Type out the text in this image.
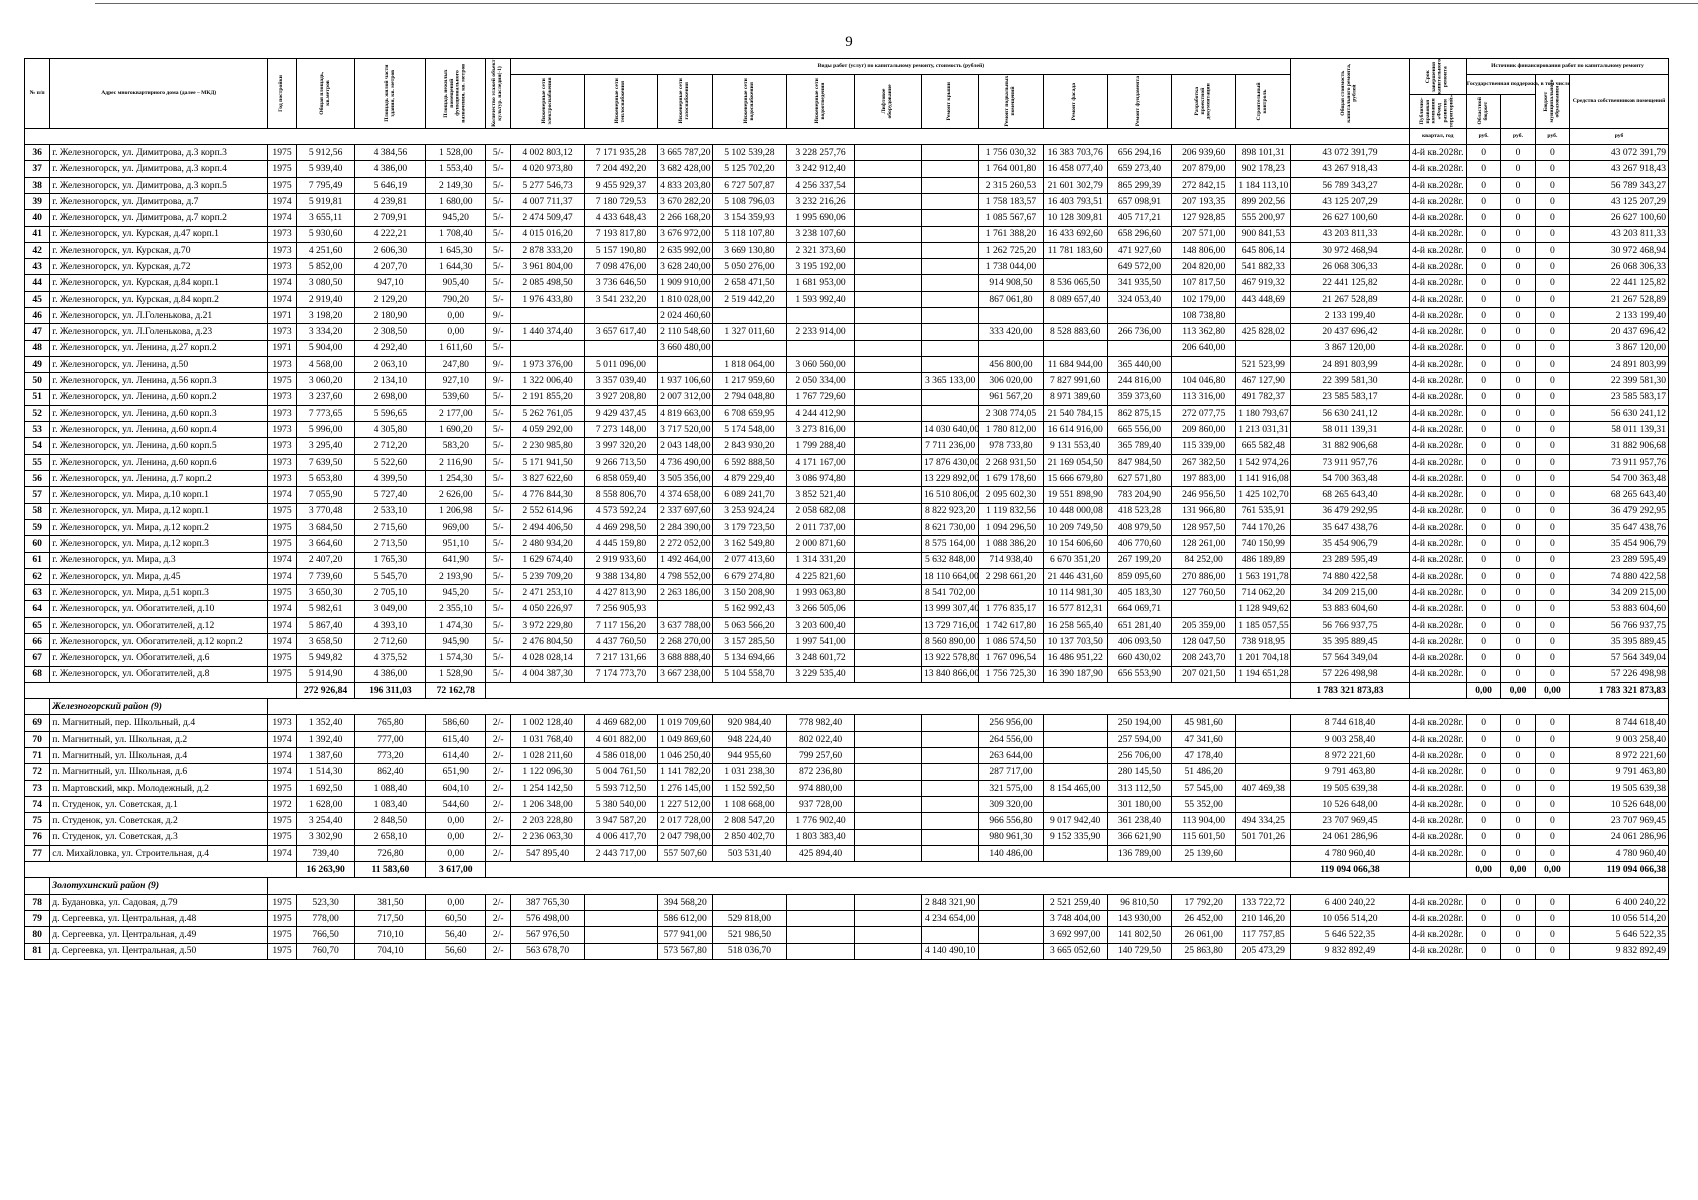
9
№ п/п	Адрес многоквартирного дома (далее – МКД)	Год постройки	Общая площадь, кв.метров	Площадь жилой части здания, кв. метров	Площадь нежилых помещений функционального назначения, кв. метров	Количество этажей объект культур. наследия(-1)	Виды работ (услуг) по капитальному ремонту, стоимость (рублей)												Общая стоимость капитального ремонта, рублей	Срок завершения капитального ремонта	Источник финансирования работ по капитальному ремонту			

							Инженерные сети электроснабжения	Инженерные сети теплоснабжения	Инженерные сети газоснабжения	Инженерные сети водоснабжения	Инженерные сети водоотведения	Лифтовое оборудование	Ремонт крыши	Ремонт подвальных помещений	Ремонт фасада	Ремонт фундамента	Разработка проектной документации	Строительный контроль			Государственная поддержка, в том числе		Бюджет муниципального образования	Средства собственников помещений

																				Публично-правовая компания «Фонд развития территорий»	Областной бюджет			

																				квартал, год	руб.	руб.	руб.	руб
36	г. Железногорск, ул. Димитрова, д.3 корп.3	1975	5 912,56	4 384,56	1 528,00	5/-	4 002 803,12	7 171 935,28	3 665 787,20	5 102 539,28	3 228 257,76			1 756 030,32	16 383 703,76	656 294,16	206 939,60	898 101,31	43 072 391,79	4-й кв.2028г.	0	0	0	43 072 391,79
37	г. Железногорск, ул. Димитрова, д.3 корп.4	1975	5 939,40	4 386,00	1 553,40	5/-	4 020 973,80	7 204 492,20	3 682 428,00	5 125 702,20	3 242 912,40			1 764 001,80	16 458 077,40	659 273,40	207 879,00	902 178,23	43 267 918,43	4-й кв.2028г.	0	0	0	43 267 918,43
38	г. Железногорск, ул. Димитрова, д.3 корп.5	1975	7 795,49	5 646,19	2 149,30	5/-	5 277 546,73	9 455 929,37	4 833 203,80	6 727 507,87	4 256 337,54			2 315 260,53	21 601 302,79	865 299,39	272 842,15	1 184 113,10	56 789 343,27	4-й кв.2028г.	0	0	0	56 789 343,27
39	г. Железногорск, ул. Димитрова, д.7	1974	5 919,81	4 239,81	1 680,00	5/-	4 007 711,37	7 180 729,53	3 670 282,20	5 108 796,03	3 232 216,26			1 758 183,57	16 403 793,51	657 098,91	207 193,35	899 202,56	43 125 207,29	4-й кв.2028г.	0	0	0	43 125 207,29
40	г. Железногорск, ул. Димитрова, д.7 корп.2	1974	3 655,11	2 709,91	945,20	5/-	2 474 509,47	4 433 648,43	2 266 168,20	3 154 359,93	1 995 690,06			1 085 567,67	10 128 309,81	405 717,21	127 928,85	555 200,97	26 627 100,60	4-й кв.2028г.	0	0	0	26 627 100,60
41	г. Железногорск, ул. Курская, д.47 корп.1	1973	5 930,60	4 222,21	1 708,40	5/-	4 015 016,20	7 193 817,80	3 676 972,00	5 118 107,80	3 238 107,60			1 761 388,20	16 433 692,60	658 296,60	207 571,00	900 841,53	43 203 811,33	4-й кв.2028г.	0	0	0	43 203 811,33
42	г. Железногорск, ул. Курская, д.70	1973	4 251,60	2 606,30	1 645,30	5/-	2 878 333,20	5 157 190,80	2 635 992,00	3 669 130,80	2 321 373,60			1 262 725,20	11 781 183,60	471 927,60	148 806,00	645 806,14	30 972 468,94	4-й кв.2028г.	0	0	0	30 972 468,94
43	г. Железногорск, ул. Курская, д.72	1973	5 852,00	4 207,70	1 644,30	5/-	3 961 804,00	7 098 476,00	3 628 240,00	5 050 276,00	3 195 192,00			1 738 044,00		649 572,00	204 820,00	541 882,33	26 068 306,33	4-й кв.2028г.	0	0	0	26 068 306,33
44	г. Железногорск, ул. Курская, д.84 корп.1	1974	3 080,50	947,10	905,40	5/-	2 085 498,50	3 736 646,50	1 909 910,00	2 658 471,50	1 681 953,00			914 908,50	8 536 065,50	341 935,50	107 817,50	467 919,32	22 441 125,82	4-й кв.2028г.	0	0	0	22 441 125,82
45	г. Железногорск, ул. Курская, д.84 корп.2	1974	2 919,40	2 129,20	790,20	5/-	1 976 433,80	3 541 232,20	1 810 028,00	2 519 442,20	1 593 992,40			867 061,80	8 089 657,40	324 053,40	102 179,00	443 448,69	21 267 528,89	4-й кв.2028г.	0	0	0	21 267 528,89
46	г. Железногорск, ул. Л.Голенькова, д.21	1971	3 198,20	2 180,90	0,00	9/-			2 024 460,60								108 738,80		2 133 199,40	4-й кв.2028г.	0	0	0	2 133 199,40
47	г. Железногорск, ул. Л.Голенькова, д.23	1973	3 334,20	2 308,50	0,00	9/-	1 440 374,40	3 657 617,40	2 110 548,60	1 327 011,60	2 233 914,00			333 420,00	8 528 883,60	266 736,00	113 362,80	425 828,02	20 437 696,42	4-й кв.2028г.	0	0	0	20 437 696,42
48	г. Железногорск, ул. Ленина, д.27 корп.2	1971	5 904,00	4 292,40	1 611,60	5/-			3 660 480,00								206 640,00		3 867 120,00	4-й кв.2028г.	0	0	0	3 867 120,00
49	г. Железногорск, ул. Ленина, д.50	1973	4 568,00	2 063,10	247,80	9/-	1 973 376,00	5 011 096,00		1 818 064,00	3 060 560,00			456 800,00	11 684 944,00	365 440,00		521 523,99	24 891 803,99	4-й кв.2028г.	0	0	0	24 891 803,99
50	г. Железногорск, ул. Ленина, д.56 корп.3	1975	3 060,20	2 134,10	927,10	9/-	1 322 006,40	3 357 039,40	1 937 106,60	1 217 959,60	2 050 334,00		3 365 133,00	306 020,00	7 827 991,60	244 816,00	104 046,80	467 127,90	22 399 581,30	4-й кв.2028г.	0	0	0	22 399 581,30
51	г. Железногорск, ул. Ленина, д.60 корп.2	1973	3 237,60	2 698,00	539,60	5/-	2 191 855,20	3 927 208,80	2 007 312,00	2 794 048,80	1 767 729,60			961 567,20	8 971 389,60	359 373,60	113 316,00	491 782,37	23 585 583,17	4-й кв.2028г.	0	0	0	23 585 583,17
52	г. Железногорск, ул. Ленина, д.60 корп.3	1973	7 773,65	5 596,65	2 177,00	5/-	5 262 761,05	9 429 437,45	4 819 663,00	6 708 659,95	4 244 412,90			2 308 774,05	21 540 784,15	862 875,15	272 077,75	1 180 793,67	56 630 241,12	4-й кв.2028г.	0	0	0	56 630 241,12
53	г. Железногорск, ул. Ленина, д.60 корп.4	1973	5 996,00	4 305,80	1 690,20	5/-	4 059 292,00	7 273 148,00	3 717 520,00	5 174 548,00	3 273 816,00		14 030 640,00	1 780 812,00	16 614 916,00	665 556,00	209 860,00	1 213 031,31	58 011 139,31	4-й кв.2028г.	0	0	0	58 011 139,31
54	г. Железногорск, ул. Ленина, д.60 корп.5	1973	3 295,40	2 712,20	583,20	5/-	2 230 985,80	3 997 320,20	2 043 148,00	2 843 930,20	1 799 288,40		7 711 236,00	978 733,80	9 131 553,40	365 789,40	115 339,00	665 582,48	31 882 906,68	4-й кв.2028г.	0	0	0	31 882 906,68
55	г. Железногорск, ул. Ленина, д.60 корп.6	1973	7 639,50	5 522,60	2 116,90	5/-	5 171 941,50	9 266 713,50	4 736 490,00	6 592 888,50	4 171 167,00		17 876 430,00	2 268 931,50	21 169 054,50	847 984,50	267 382,50	1 542 974,26	73 911 957,76	4-й кв.2028г.	0	0	0	73 911 957,76
56	г. Железногорск, ул. Ленина, д.7 корп.2	1973	5 653,80	4 399,50	1 254,30	5/-	3 827 622,60	6 858 059,40	3 505 356,00	4 879 229,40	3 086 974,80		13 229 892,00	1 679 178,60	15 666 679,80	627 571,80	197 883,00	1 141 916,08	54 700 363,48	4-й кв.2028г.	0	0	0	54 700 363,48
57	г. Железногорск, ул. Мира, д.10 корп.1	1974	7 055,90	5 727,40	2 626,00	5/-	4 776 844,30	8 558 806,70	4 374 658,00	6 089 241,70	3 852 521,40		16 510 806,00	2 095 602,30	19 551 898,90	783 204,90	246 956,50	1 425 102,70	68 265 643,40	4-й кв.2028г.	0	0	0	68 265 643,40
58	г. Железногорск, ул. Мира, д.12 корп.1	1975	3 770,48	2 533,10	1 206,98	5/-	2 552 614,96	4 573 592,24	2 337 697,60	3 253 924,24	2 058 682,08		8 822 923,20	1 119 832,56	10 448 000,08	418 523,28	131 966,80	761 535,91	36 479 292,95	4-й кв.2028г.	0	0	0	36 479 292,95
59	г. Железногорск, ул. Мира, д.12 корп.2	1975	3 684,50	2 715,60	969,00	5/-	2 494 406,50	4 469 298,50	2 284 390,00	3 179 723,50	2 011 737,00		8 621 730,00	1 094 296,50	10 209 749,50	408 979,50	128 957,50	744 170,26	35 647 438,76	4-й кв.2028г.	0	0	0	35 647 438,76
60	г. Железногорск, ул. Мира, д.12 корп.3	1975	3 664,60	2 713,50	951,10	5/-	2 480 934,20	4 445 159,80	2 272 052,00	3 162 549,80	2 000 871,60		8 575 164,00	1 088 386,20	10 154 606,60	406 770,60	128 261,00	740 150,99	35 454 906,79	4-й кв.2028г.	0	0	0	35 454 906,79
61	г. Железногорск, ул. Мира, д.3	1974	2 407,20	1 765,30	641,90	5/-	1 629 674,40	2 919 933,60	1 492 464,00	2 077 413,60	1 314 331,20		5 632 848,00	714 938,40	6 670 351,20	267 199,20	84 252,00	486 189,89	23 289 595,49	4-й кв.2028г.	0	0	0	23 289 595,49
62	г. Железногорск, ул. Мира, д.45	1974	7 739,60	5 545,70	2 193,90	5/-	5 239 709,20	9 388 134,80	4 798 552,00	6 679 274,80	4 225 821,60		18 110 664,00	2 298 661,20	21 446 431,60	859 095,60	270 886,00	1 563 191,78	74 880 422,58	4-й кв.2028г.	0	0	0	74 880 422,58
63	г. Железногорск, ул. Мира, д.51 корп.3	1975	3 650,30	2 705,10	945,20	5/-	2 471 253,10	4 427 813,90	2 263 186,00	3 150 208,90	1 993 063,80		8 541 702,00		10 114 981,30	405 183,30	127 760,50	714 062,20	34 209 215,00	4-й кв.2028г.	0	0	0	34 209 215,00
64	г. Железногорск, ул. Обогатителей, д.10	1974	5 982,61	3 049,00	2 355,10	5/-	4 050 226,97	7 256 905,93		5 162 992,43	3 266 505,06		13 999 307,40	1 776 835,17	16 577 812,31	664 069,71		1 128 949,62	53 883 604,60	4-й кв.2028г.	0	0	0	53 883 604,60
65	г. Железногорск, ул. Обогатителей, д.12	1974	5 867,40	4 393,10	1 474,30	5/-	3 972 229,80	7 117 156,20	3 637 788,00	5 063 566,20	3 203 600,40		13 729 716,00	1 742 617,80	16 258 565,40	651 281,40	205 359,00	1 185 057,55	56 766 937,75	4-й кв.2028г.	0	0	0	56 766 937,75
66	г. Железногорск, ул. Обогатителей, д.12 корп.2	1974	3 658,50	2 712,60	945,90	5/-	2 476 804,50	4 437 760,50	2 268 270,00	3 157 285,50	1 997 541,00		8 560 890,00	1 086 574,50	10 137 703,50	406 093,50	128 047,50	738 918,95	35 395 889,45	4-й кв.2028г.	0	0	0	35 395 889,45
67	г. Железногорск, ул. Обогатителей, д.6	1975	5 949,82	4 375,52	1 574,30	5/-	4 028 028,14	7 217 131,66	3 688 888,40	5 134 694,66	3 248 601,72		13 922 578,80	1 767 096,54	16 486 951,22	660 430,02	208 243,70	1 201 704,18	57 564 349,04	4-й кв.2028г.	0	0	0	57 564 349,04
68	г. Железногорск, ул. Обогатителей, д.8	1975	5 914,90	4 386,00	1 528,90	5/-	4 004 387,30	7 174 773,70	3 667 238,00	5 104 558,70	3 229 535,40		13 840 866,00	1 756 725,30	16 390 187,90	656 553,90	207 021,50	1 194 651,28	57 226 498,98	4-й кв.2028г.	0	0	0	57 226 498,98
			272 926,84	196 311,03	72 162,78														1 783 321 873,83		0,00	0,00	0,00	1 783 321 873,83
	Железногорский район (9)																							
69	п. Магнитный, пер. Школьный, д.4	1973	1 352,40	765,80	586,60	2/-	1 002 128,40	4 469 682,00	1 019 709,60	920 984,40	778 982,40			256 956,00		250 194,00	45 981,60		8 744 618,40	4-й кв.2028г.	0	0	0	8 744 618,40
70	п. Магнитный, ул. Школьная, д.2	1974	1 392,40	777,00	615,40	2/-	1 031 768,40	4 601 882,00	1 049 869,60	948 224,40	802 022,40			264 556,00		257 594,00	47 341,60		9 003 258,40	4-й кв.2028г.	0	0	0	9 003 258,40
71	п. Магнитный, ул. Школьная, д.4	1974	1 387,60	773,20	614,40	2/-	1 028 211,60	4 586 018,00	1 046 250,40	944 955,60	799 257,60			263 644,00		256 706,00	47 178,40		8 972 221,60	4-й кв.2028г.	0	0	0	8 972 221,60
72	п. Магнитный, ул. Школьная, д.6	1974	1 514,30	862,40	651,90	2/-	1 122 096,30	5 004 761,50	1 141 782,20	1 031 238,30	872 236,80			287 717,00		280 145,50	51 486,20		9 791 463,80	4-й кв.2028г.	0	0	0	9 791 463,80
73	п. Мартовский, мкр. Молодежный, д.2	1975	1 692,50	1 088,40	604,10	2/-	1 254 142,50	5 593 712,50	1 276 145,00	1 152 592,50	974 880,00			321 575,00	8 154 465,00	313 112,50	57 545,00	407 469,38	19 505 639,38	4-й кв.2028г.	0	0	0	19 505 639,38
74	п. Студенок, ул. Советская, д.1	1972	1 628,00	1 083,40	544,60	2/-	1 206 348,00	5 380 540,00	1 227 512,00	1 108 668,00	937 728,00			309 320,00		301 180,00	55 352,00		10 526 648,00	4-й кв.2028г.	0	0	0	10 526 648,00
75	п. Студенок, ул. Советская, д.2	1975	3 254,40	2 848,50	0,00	2/-	2 203 228,80	3 947 587,20	2 017 728,00	2 808 547,20	1 776 902,40			966 556,80	9 017 942,40	361 238,40	113 904,00	494 334,25	23 707 969,45	4-й кв.2028г.	0	0	0	23 707 969,45
76	п. Студенок, ул. Советская, д.3	1975	3 302,90	2 658,10	0,00	2/-	2 236 063,30	4 006 417,70	2 047 798,00	2 850 402,70	1 803 383,40			980 961,30	9 152 335,90	366 621,90	115 601,50	501 701,26	24 061 286,96	4-й кв.2028г.	0	0	0	24 061 286,96
77	сл. Михайловка, ул. Строительная, д.4	1974	739,40	726,80	0,00	2/-	547 895,40	2 443 717,00	557 507,60	503 531,40	425 894,40			140 486,00		136 789,00	25 139,60		4 780 960,40	4-й кв.2028г.	0	0	0	4 780 960,40
			16 263,90	11 583,60	3 617,00														119 094 066,38		0,00	0,00	0,00	119 094 066,38
	Золотухинский район (9)																							
78	д. Будановка, ул. Садовая, д.79	1975	523,30	381,50	0,00	2/-	387 765,30		394 568,20				2 848 321,90		2 521 259,40	96 810,50	17 792,20	133 722,72	6 400 240,22	4-й кв.2028г.	0	0	0	6 400 240,22
79	д. Сергеевка, ул. Центральная, д.48	1975	778,00	717,50	60,50	2/-	576 498,00		586 612,00	529 818,00			4 234 654,00		3 748 404,00	143 930,00	26 452,00	210 146,20	10 056 514,20	4-й кв.2028г.	0	0	0	10 056 514,20
80	д. Сергеевка, ул. Центральная, д.49	1975	766,50	710,10	56,40	2/-	567 976,50		577 941,00	521 986,50					3 692 997,00	141 802,50	26 061,00	117 757,85	5 646 522,35	4-й кв.2028г.	0	0	0	5 646 522,35
81	д. Сергеевка, ул. Центральная, д.50	1975	760,70	704,10	56,60	2/-	563 678,70		573 567,80	518 036,70			4 140 490,10		3 665 052,60	140 729,50	25 863,80	205 473,29	9 832 892,49	4-й кв.2028г.	0	0	0	9 832 892,49
